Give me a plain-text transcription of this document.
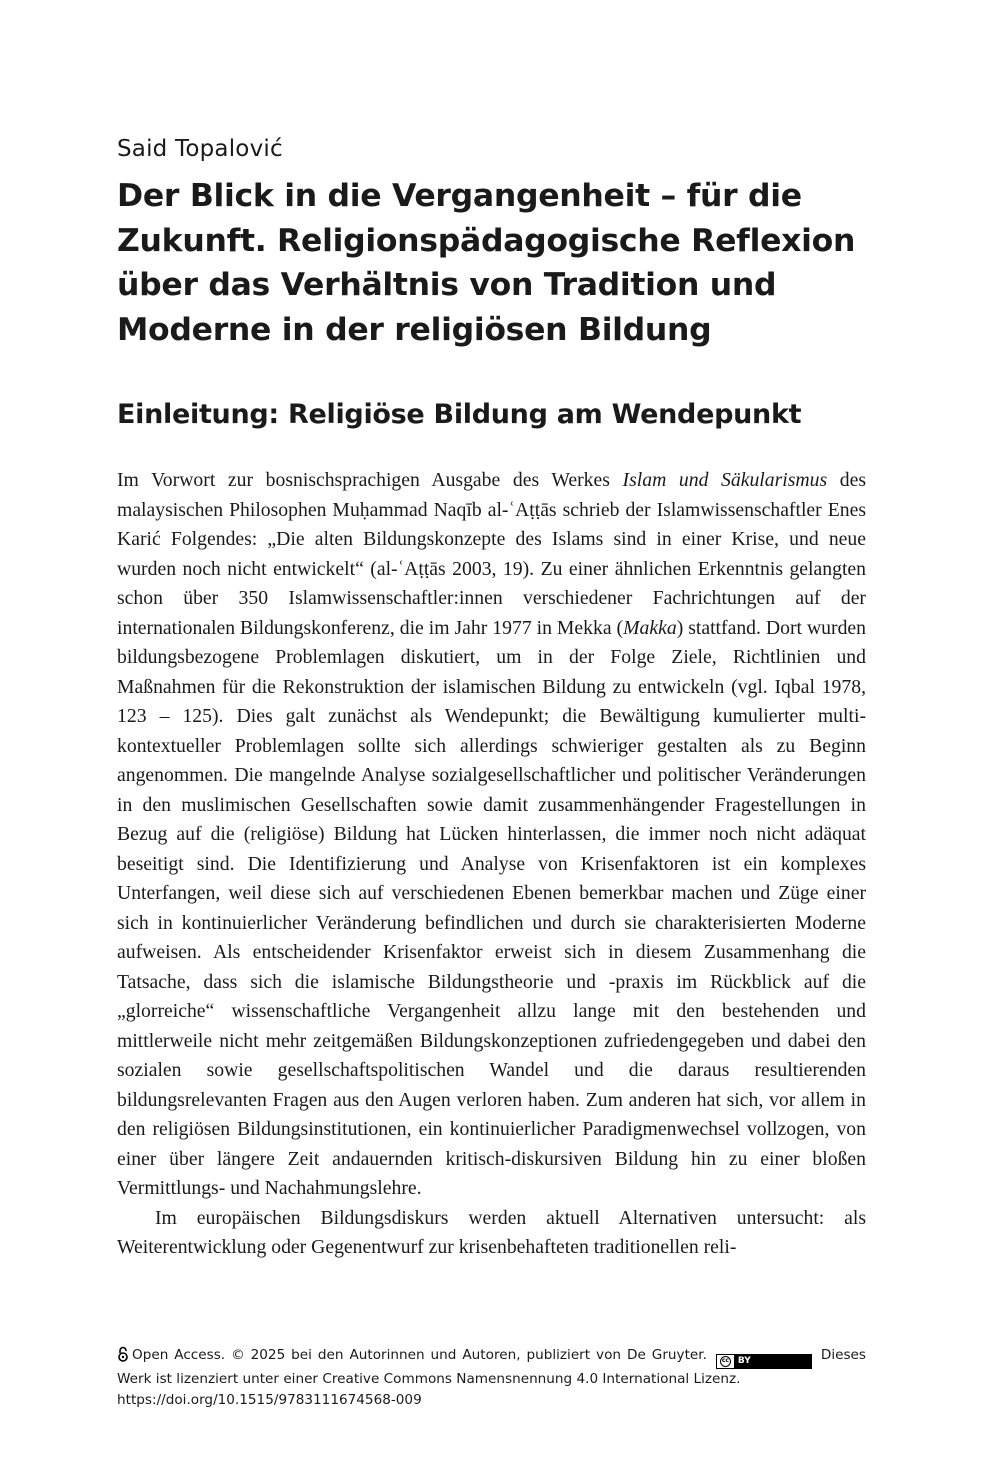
Said Topalović
Der Blick in die Vergangenheit – für die Zukunft. Religionspädagogische Reflexion über das Verhältnis von Tradition und Moderne in der religiösen Bildung
Einleitung: Religiöse Bildung am Wendepunkt

Im Vorwort zur bosnischsprachigen Ausgabe des Werkes Islam und Säkularismus des malaysischen Philosophen Muḥammad Naqīb al-ʿAṭṭās schrieb der Islamwissenschaftler Enes Karić Folgendes: „Die alten Bildungskonzepte des Islams sind in einer Krise, und neue wurden noch nicht entwickelt“ (al-ʿAṭṭās 2003, 19). Zu einer ähnlichen Erkenntnis gelangten schon über 350 Islamwissenschaftler:innen verschiedener Fachrichtungen auf der internationalen Bildungskonferenz, die im Jahr 1977 in Mekka (Makka) stattfand. Dort wurden bildungsbezogene Problemlagen diskutiert, um in der Folge Ziele, Richtlinien und Maßnahmen für die Rekonstruktion der islamischen Bildung zu entwickeln (vgl. Iqbal 1978, 123 – 125). Dies galt zunächst als Wendepunkt; die Bewältigung kumulierter multi-kontextueller Problemlagen sollte sich allerdings schwieriger gestalten als zu Beginn angenommen. Die mangelnde Analyse sozialgesellschaftlicher und politischer Veränderungen in den muslimischen Gesellschaften sowie damit zusammenhängender Fragestellungen in Bezug auf die (religiöse) Bildung hat Lücken hinterlassen, die immer noch nicht adäquat beseitigt sind. Die Identifizierung und Analyse von Krisenfaktoren ist ein komplexes Unterfangen, weil diese sich auf verschiedenen Ebenen bemerkbar machen und Züge einer sich in kontinuierlicher Veränderung befindlichen und durch sie charakterisierten Moderne aufweisen. Als entscheidender Krisenfaktor erweist sich in diesem Zusammenhang die Tatsache, dass sich die islamische Bildungstheorie und -praxis im Rückblick auf die „glorreiche“ wissenschaftliche Vergangenheit allzu lange mit den bestehenden und mittlerweile nicht mehr zeitgemäßen Bildungskonzeptionen zufriedengegeben und dabei den sozialen sowie gesellschaftspolitischen Wandel und die daraus resultierenden bildungsrelevanten Fragen aus den Augen verloren haben. Zum anderen hat sich, vor allem in den religiösen Bildungsinstitutionen, ein kontinuierlicher Paradigmenwechsel vollzogen, von einer über längere Zeit andauernden kritisch-diskursiven Bildung hin zu einer bloßen Vermittlungs- und Nachahmungslehre.

Im europäischen Bildungsdiskurs werden aktuell Alternativen untersucht: als Weiterentwicklung oder Gegenentwurf zur krisenbehafteten traditionellen reli-

Open Access. © 2025 bei den Autorinnen und Autoren, publiziert von De Gruyter.	cc BY	Dieses Werk ist lizenziert unter einer Creative Commons Namensnennung 4.0 International Lizenz.
https://doi.org/10.1515/9783111674568-009
